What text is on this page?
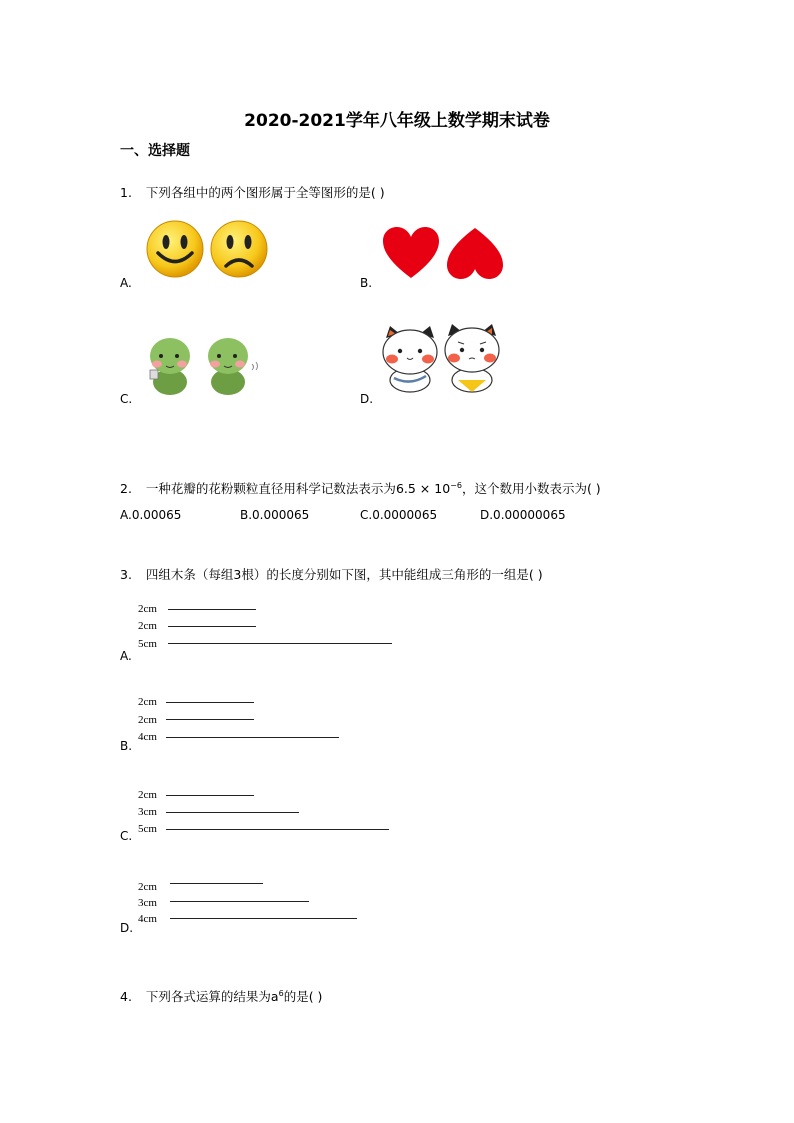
2020-2021学年八年级上数学期末试卷
一、选择题
1. 下列各组中的两个图形属于全等图形的是( )
A.	B.
C.	D.
2. 一种花瓣的花粉颗粒直径用科学记数法表示为$6.5 \times 10^{-6}$，这个数用小数表示为( )
A.0.00065	B.0.000065	C.0.0000065	D.0.00000065
3. 四组木条（每组3根）的长度分别如下图，其中能组成三角形的一组是( )
2cm
2cm
5cm
A.
2cm
2cm
4cm
B.
2cm
3cm
5cm
C.
2cm
3cm
4cm
D.
4. 下列各式运算的结果为$a^6$的是( )
